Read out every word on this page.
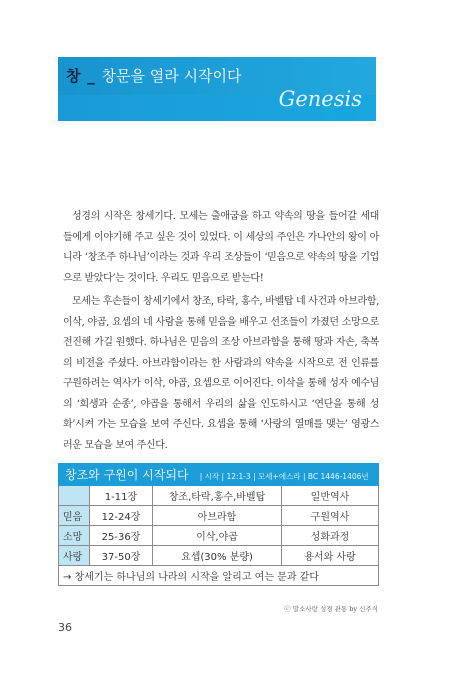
창 _ 창문을 열라 시작이다
Genesis

성경의 시작은 창세기다. 모세는 출애굽을 하고 약속의 땅을 들어갈 세대들에게 이야기해 주고 싶은 것이 있었다. 이 세상의 주인은 가나안의 왕이 아니라 ‘창조주 하나님’이라는 것과 우리 조상들이 ‘믿음으로 약속의 땅을 기업으로 받았다’는 것이다. 우리도 믿음으로 받는다!

모세는 후손들이 창세기에서 창조, 타락, 홍수, 바벨탑 네 사건과 아브라함, 이삭, 야곱, 요셉의 네 사람을 통해 믿음을 배우고 선조들이 가졌던 소망으로 전진해 가길 원했다. 하나님은 믿음의 조상 아브라함을 통해 땅과 자손, 축복의 비전을 주셨다. 아브라함이라는 한 사람과의 약속을 시작으로 전 인류를 구원하려는 역사가 이삭, 야곱, 요셉으로 이어진다. 이삭을 통해 성자 예수님의 ‘희생과 순종’, 야곱을 통해서 우리의 삶을 인도하시고 ‘연단을 통해 성화’시켜 가는 모습을 보여 주신다. 요셉을 통해 ‘사랑의 열매를 맺는’ 영광스러운 모습을 보여 주신다.

창조와 구원이 시작되다 | 시작 | 12:1-3 | 모세+에스라 | BC 1446-1406년			
	1-11장	창조,타락,홍수,바벨탑	일반역사
믿음	12-24장	아브라함	구원역사
소망	25-36장	이삭,야곱	성화과정
사랑	37-50장	요셉(30% 분량)	용서와 사랑
→ 창세기는 하나님의 나라의 시작을 알리고 여는 문과 같다			
ⓒ 말소사랑 성경 관통 by 신주식
36
